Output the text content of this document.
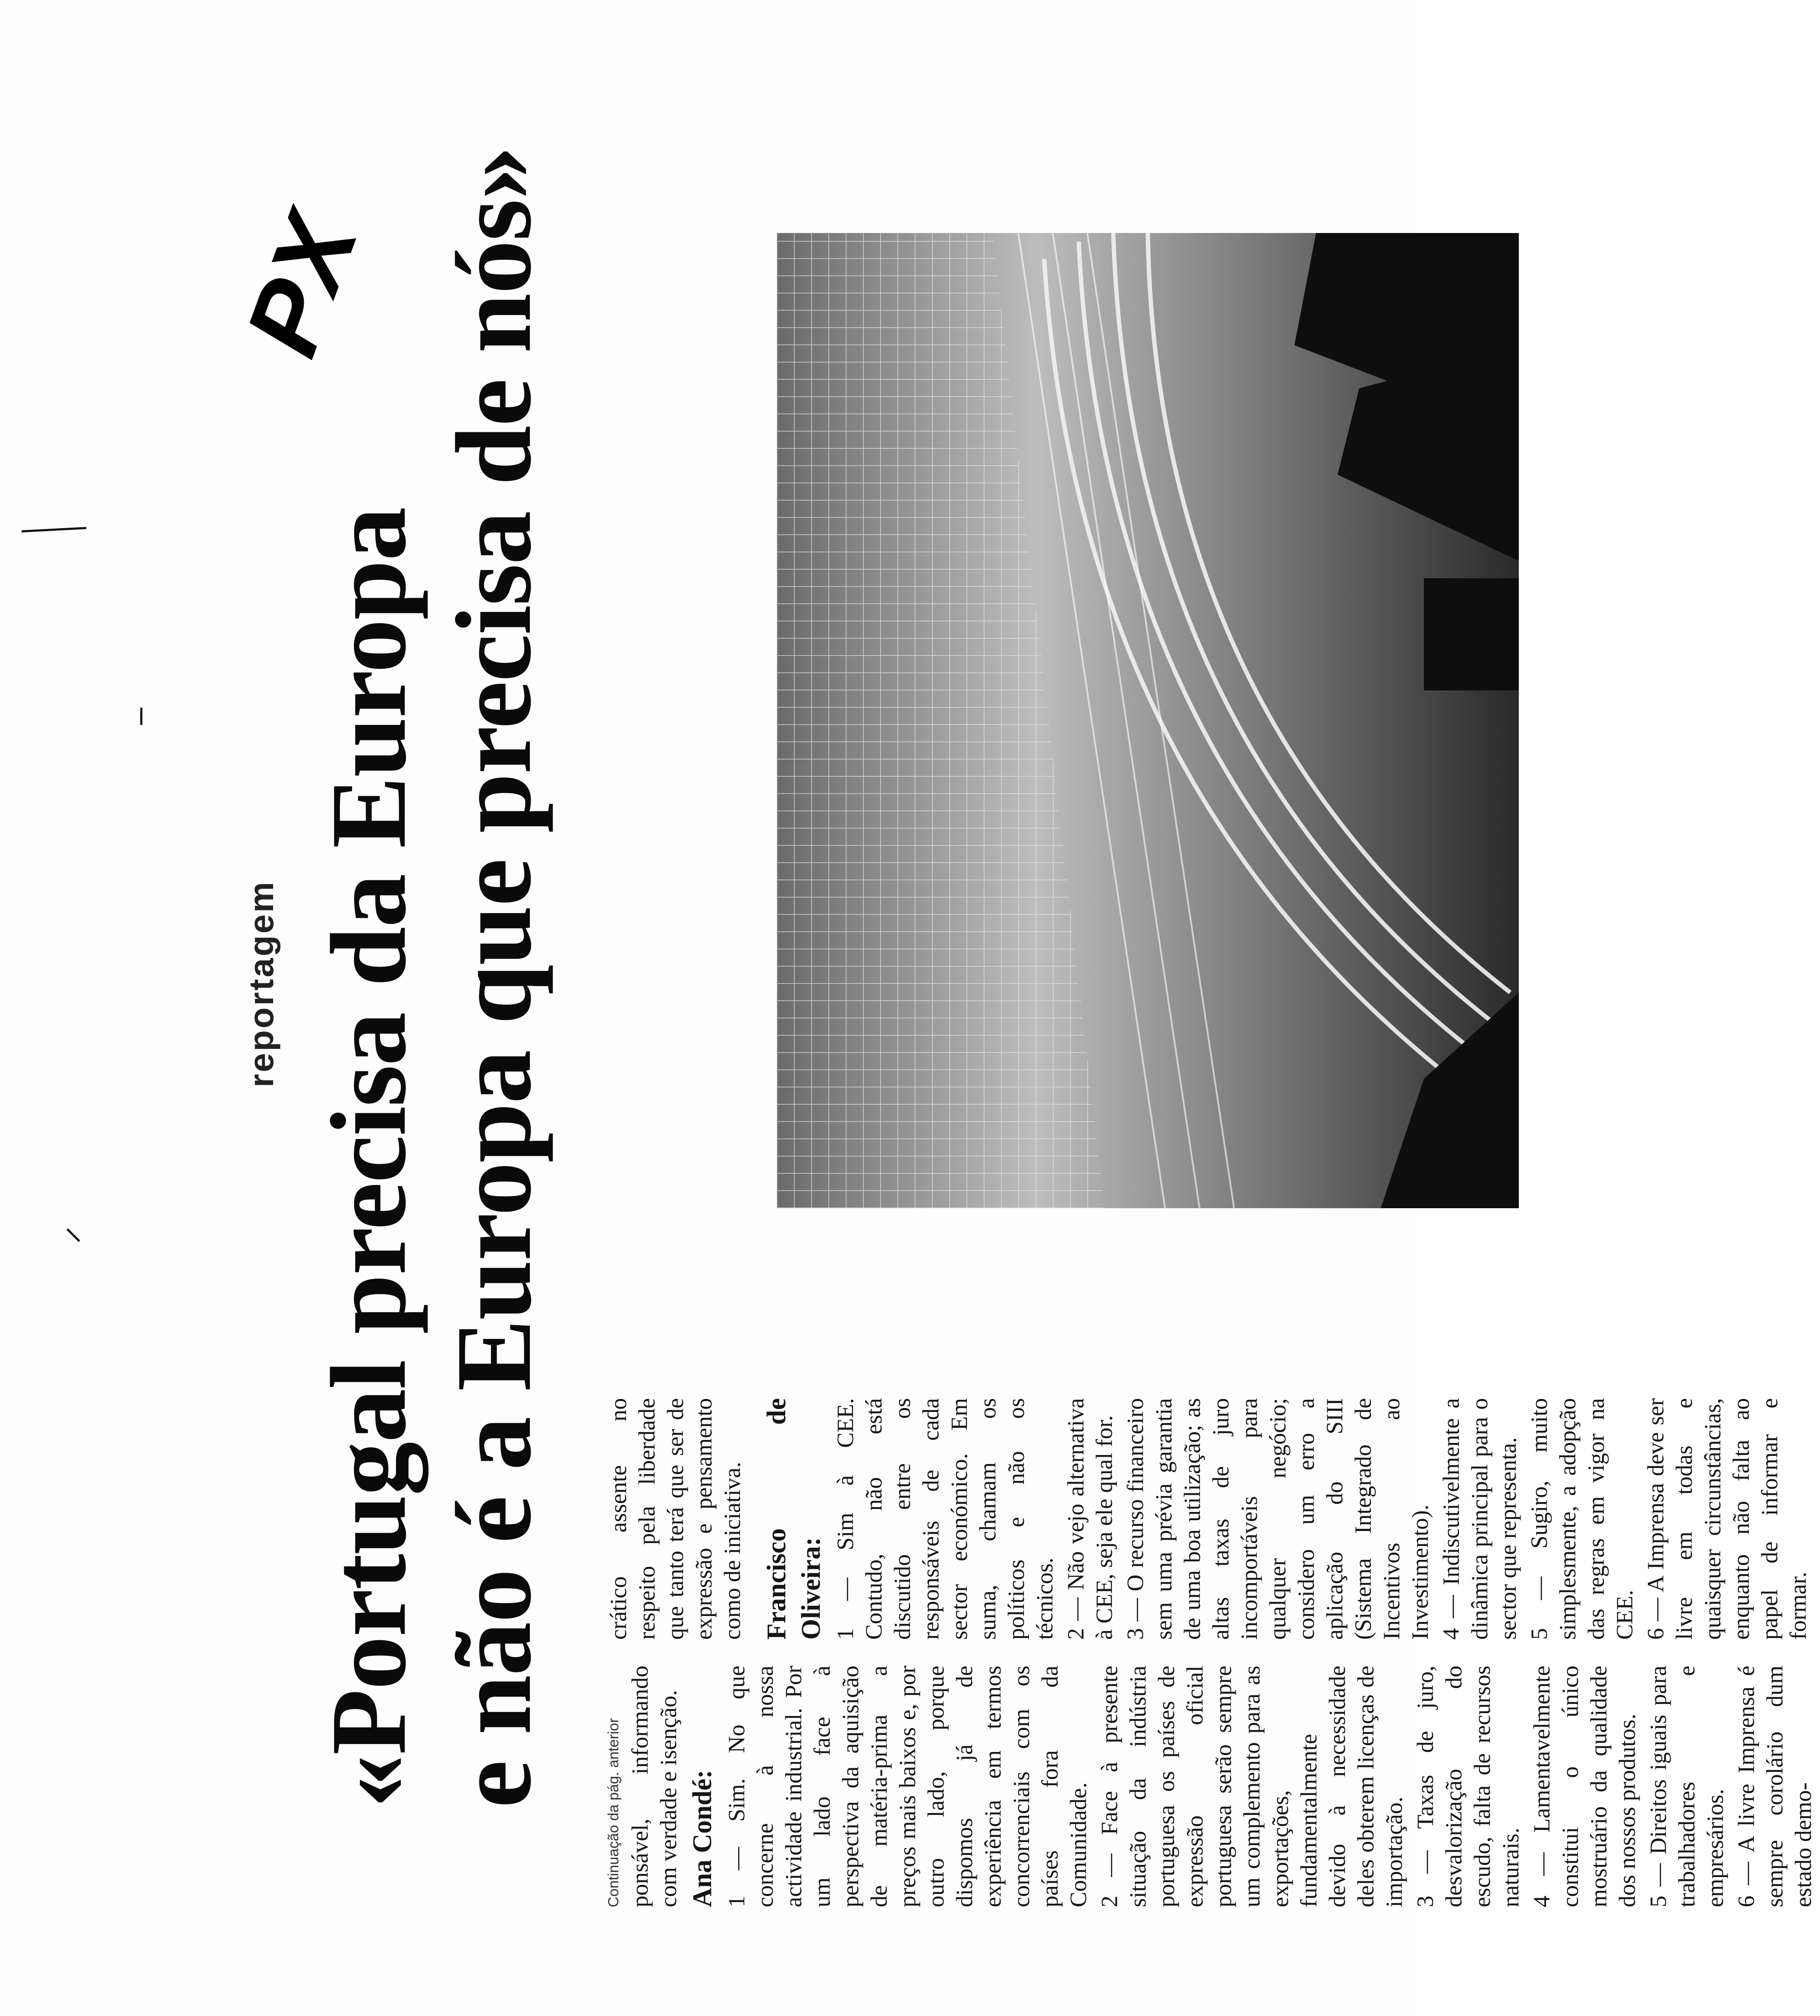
reportagem «Portugal precisa da Europa e não é a Europa que precisa de nós»

Continuação da pág. anterior ponsável, informando com verdade e isenção. Ana Condé: 1 — Sim. No que concerne à nossa actividade industrial. Por um lado face à perspectiva da aquisição de matéria-prima a preços mais baixos e, por outro lado, porque dispomos já de experiência em termos concorrenciais com os países fora da Comunidade. 2 — Face à presente situação da indústria portuguesa os países de expressão oficial portuguesa serão sempre um complemento para as exportações, fundamentalmente devido à necessidade deles obterem licenças de importação. 3 — Taxas de juro, desvalorização do escudo, falta de recursos naturais. 4 — Lamentavelmente constitui o único mostruário da qualidade dos nossos produtos. 5 — Direitos iguais para trabalhadores e empresários. 6 — A livre Imprensa é sempre corolário dum estado demo-

crático assente no respeito pela liberdade que tanto terá que ser de expressão e pensamento como de iniciativa. Francisco de Oliveira: 1 — Sim à CEE. Contudo, não está discutido entre os responsáveis de cada sector económico. Em suma, chamam os políticos e não os técnicos. 2 — Não vejo alternativa à CEE, seja ele qual for. 3 — O recurso financeiro sem uma prévia garantia de uma boa utilização; as altas taxas de juro incomportáveis para qualquer negócio; considero um erro a aplicação do SIII (Sistema Integrado de Incentivos ao Investimento). 4 — Indiscutivelmente a dinâmica principal para o sector que representa. 5 — Sugiro, muito simplesmente, a adopção das regras em vigor na CEE. 6 — A Imprensa deve ser livre em todas e quaisquer circunstâncias, enquanto não falta ao papel de informar e formar.

PX
